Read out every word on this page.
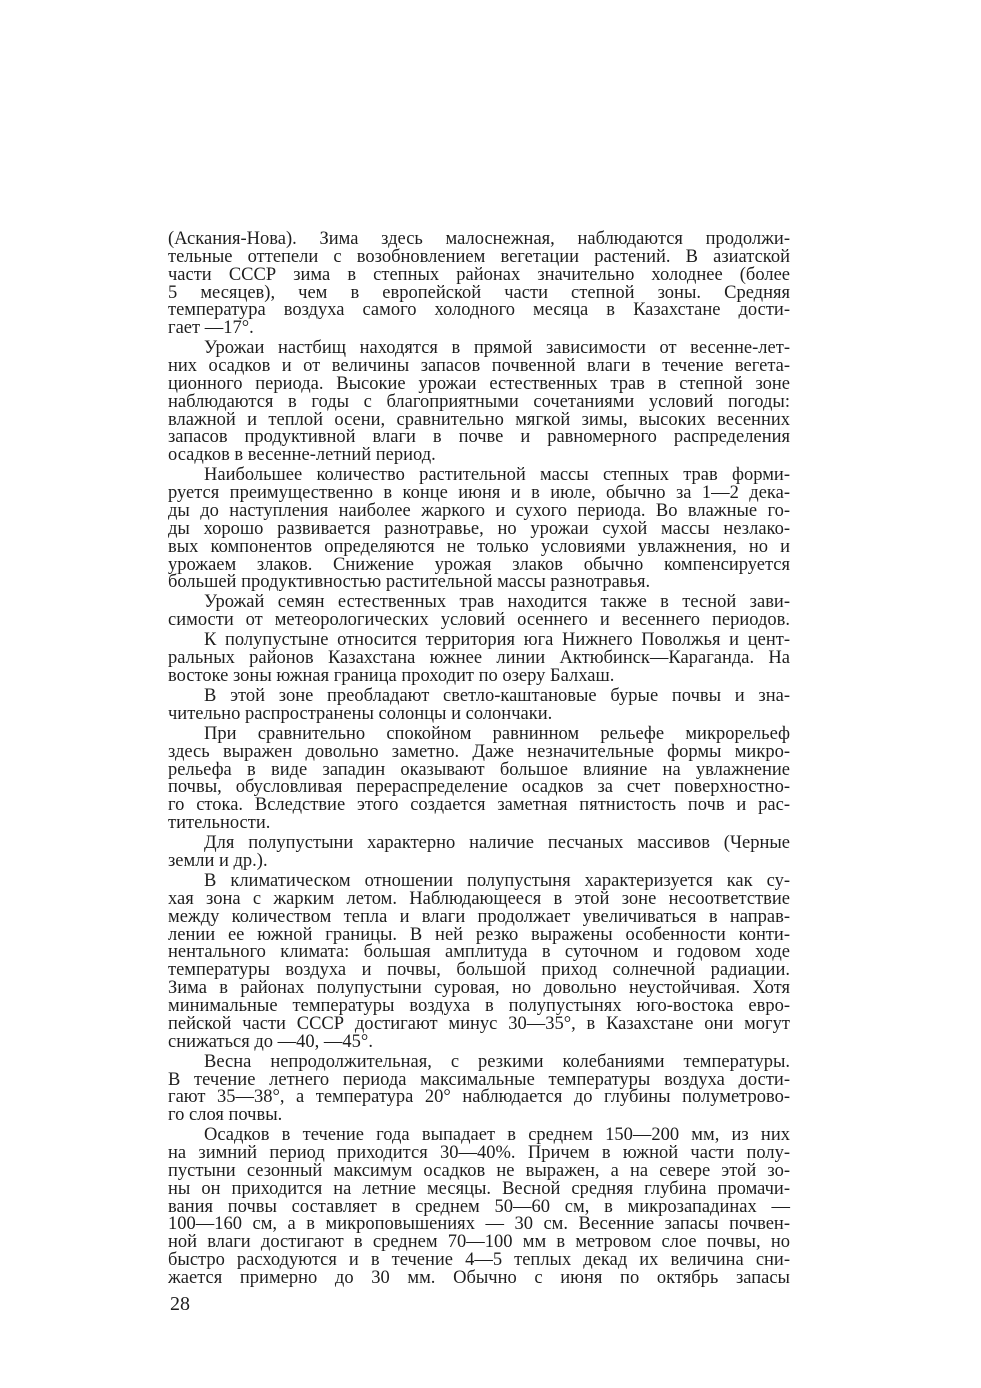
(Аскания-Нова). Зима здесь малоснежная, наблюдаются продолжи-
тельные оттепели с возобновлением вегетации растений. В азиатской
части СССР зима в степных районах значительно холоднее (более
5 месяцев), чем в европейской части степной зоны. Средняя
температура воздуха самого холодного месяца в Казахстане дости-
гает —17°.
Урожаи настбищ находятся в прямой зависимости от весенне-лет-
них осадков и от величины запасов почвенной влаги в течение вегета-
ционного периода. Высокие урожаи естественных трав в степной зоне
наблюдаются в годы с благоприятными сочетаниями условий погоды:
влажной и теплой осени, сравнительно мягкой зимы, высоких весенних
запасов продуктивной влаги в почве и равномерного распределения
осадков в весенне-летний период.
Наибольшее количество растительной массы степных трав форми-
руется преимущественно в конце июня и в июле, обычно за 1—2 дека-
ды до наступления наиболее жаркого и сухого периода. Во влажные го-
ды хорошо развивается разнотравье, но урожаи сухой массы незлако-
вых компонентов определяются не только условиями увлажнения, но и
урожаем злаков. Снижение урожая злаков обычно компенсируется
большей продуктивностью растительной массы разнотравья.
Урожай семян естественных трав находится также в тесной зави-
симости от метеорологических условий осеннего и весеннего периодов.
К полупустыне относится территория юга Нижнего Поволжья и цент-
ральных районов Казахстана южнее линии Актюбинск—Караганда. На
востоке зоны южная граница проходит по озеру Балхаш.
В этой зоне преобладают светло-каштановые бурые почвы и зна-
чительно распространены солонцы и солончаки.
При сравнительно спокойном равнинном рельефе микрорельеф
здесь выражен довольно заметно. Даже незначительные формы микро-
рельефа в виде западин оказывают большое влияние на увлажнение
почвы, обусловливая перераспределение осадков за счет поверхностно-
го стока. Вследствие этого создается заметная пятнистость почв и рас-
тительности.
Для полупустыни характерно наличие песчаных массивов (Черные
земли и др.).
В климатическом отношении полупустыня характеризуется как су-
хая зона с жарким летом. Наблюдающееся в этой зоне несоответствие
между количеством тепла и влаги продолжает увеличиваться в направ-
лении ее южной границы. В ней резко выражены особенности конти-
нентального климата: большая амплитуда в суточном и годовом ходе
температуры воздуха и почвы, большой приход солнечной радиации.
Зима в районах полупустыни суровая, но довольно неустойчивая. Хотя
минимальные температуры воздуха в полупустынях юго-востока евро-
пейской части СССР достигают минус 30—35°, в Казахстане они могут
снижаться до —40, —45°.
Весна непродолжительная, с резкими колебаниями температуры.
В течение летнего периода максимальные температуры воздуха дости-
гают 35—38°, а температура 20° наблюдается до глубины полуметрово-
го слоя почвы.
Осадков в течение года выпадает в среднем 150—200 мм, из них
на зимний период приходится 30—40%. Причем в южной части полу-
пустыни сезонный максимум осадков не выражен, а на севере этой зо-
ны он приходится на летние месяцы. Весной средняя глубина промачи-
вания почвы составляет в среднем 50—60 см, в микрозападинах —
100—160 см, а в микроповышениях — 30 см. Весенние запасы почвен-
ной влаги достигают в среднем 70—100 мм в метровом слое почвы, но
быстро расходуются и в течение 4—5 теплых декад их величина сни-
жается примерно до 30 мм. Обычно с июня по октябрь запасы
28
